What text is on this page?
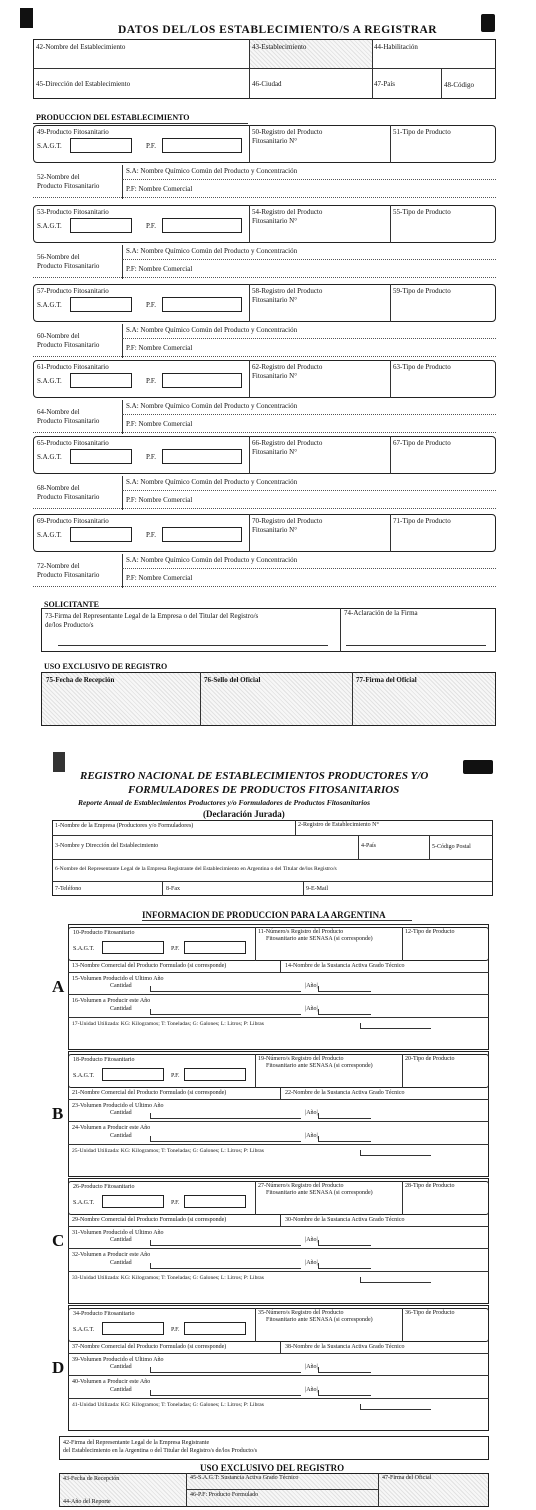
DATOS DEL/LOS ESTABLECIMIENTO/S A REGISTRAR
42-Nombre del Establecimiento	43-Establecimiento	44-Habilitación
45-Dirección del Establecimiento	46-Ciudad	47-País	48-Código
PRODUCCION DEL ESTABLECIMIENTO
49-Producto Fitosanitario
S.A.G.T.	P.F.
50-Registro del Producto
Fitosanitario N°
51-Tipo de Producto
52-Nombre del
Producto Fitosanitario
S.A: Nombre Químico Común del Producto y Concentración
P.F: Nombre Comercial
53-Producto Fitosanitario
S.A.G.T.	P.F.
54-Registro del Producto
Fitosanitario N°
55-Tipo de Producto
56-Nombre del
Producto Fitosanitario
S.A: Nombre Químico Común del Producto y Concentración
P.F: Nombre Comercial
57-Producto Fitosanitario
S.A.G.T.	P.F.
58-Registro del Producto
Fitosanitario N°
59-Tipo de Producto
60-Nombre del
Producto Fitosanitario
S.A: Nombre Químico Común del Producto y Concentración
P.F: Nombre Comercial
61-Producto Fitosanitario
S.A.G.T.	P.F.
62-Registro del Producto
Fitosanitario N°
63-Tipo de Producto
64-Nombre del
Producto Fitosanitario
S.A: Nombre Químico Común del Producto y Concentración
P.F: Nombre Comercial
65-Producto Fitosanitario
S.A.G.T.	P.F.
66-Registro del Producto
Fitosanitario N°
67-Tipo de Producto
68-Nombre del
Producto Fitosanitario
S.A: Nombre Químico Común del Producto y Concentración
P.F: Nombre Comercial
69-Producto Fitosanitario
S.A.G.T.	P.F.
70-Registro del Producto
Fitosanitario N°
71-Tipo de Producto
72-Nombre del
Producto Fitosanitario
S.A: Nombre Químico Común del Producto y Concentración
P.F: Nombre Comercial
SOLICITANTE
73-Firma del Representante Legal de la Empresa o del Titular del Registro/s
de/los Producto/s
74-Aclaración de la Firma
USO EXCLUSIVO DE REGISTRO
75-Fecha de Recepción	76-Sello del Oficial	77-Firma del Oficial
REGISTRO NACIONAL DE ESTABLECIMIENTOS PRODUCTORES Y/O
FORMULADORES DE PRODUCTOS FITOSANITARIOS
Reporte Anual de Establecimientos Productores y/o Formuladores de Productos Fitosanitarios
(Declaración Jurada)
1-Nombre de la Empresa (Productores y/o Formuladores)	2-Registro de Establecimiento N°
3-Nombre y Dirección del Establecimiento	4-País	5-Código Postal
6-Nombre del Representante Legal de la Empresa Registrante del Establecimiento en Argentina o del Titular de/los Registro/s
7-Teléfono	8-Fax	9-E-Mail
INFORMACION DE PRODUCCION PARA LA ARGENTINA
A
10-Producto Fitosanitario
S.A.G.T.	P.F.
11-Número/s Registro del Producto
Fitosanitario ante SENASA (si corresponde)
12-Tipo de Producto
13-Nombre Comercial del Producto Formulado (si corresponde)	14-Nombre de la Sustancia Activa Grado Técnico
15-Volumen Producido el Ultimo Año
Cantidad	|Año|
16-Volumen a Producir este Año
Cantidad	|Año|
17-Unidad Utilizada: KG: Kilogramos; T: Toneladas; G: Galones; L: Litros; P: Libras
B
18-Producto Fitosanitario
S.A.G.T.	P.F.
19-Número/s Registro del Producto
Fitosanitario ante SENASA (si corresponde)
20-Tipo de Producto
21-Nombre Comercial del Producto Formulado (si corresponde)	22-Nombre de la Sustancia Activa Grado Técnico
23-Volumen Producido el Ultimo Año
Cantidad	|Año|
24-Volumen a Producir este Año
Cantidad	|Año|
25-Unidad Utilizada: KG: Kilogramos; T: Toneladas; G: Galones; L: Litros; P: Libras
C
26-Producto Fitosanitario
S.A.G.T.	P.F.
27-Número/s Registro del Producto
Fitosanitario ante SENASA (si corresponde)
28-Tipo de Producto
29-Nombre Comercial del Producto Formulado (si corresponde)	30-Nombre de la Sustancia Activa Grado Técnico
31-Volumen Producido el Ultimo Año
Cantidad	|Año|
32-Volumen a Producir este Año
Cantidad	|Año|
33-Unidad Utilizada: KG: Kilogramos; T: Toneladas; G: Galones; L: Litros; P: Libras
D
34-Producto Fitosanitario
S.A.G.T.	P.F.
35-Número/s Registro del Producto
Fitosanitario ante SENASA (si corresponde)
36-Tipo de Producto
37-Nombre Comercial del Producto Formulado (si corresponde)	38-Nombre de la Sustancia Activa Grado Técnico
39-Volumen Producido el Ultimo Año
Cantidad	|Año|
40-Volumen a Producir este Año
Cantidad	|Año|
41-Unidad Utilizada: KG: Kilogramos; T: Toneladas; G: Galones; L: Litros; P: Libras
42-Firma del Representante Legal de la Empresa Registrante
del Establecimiento en la Argentina o del Titular del Registro/s de/los Producto/s
USO EXCLUSIVO DEL REGISTRO
43-Fecha de Recepción
44-Año del Reporte
45-S.A.G.T: Sustancia Activa Grado Técnico
46-P.F: Producto Formulado
47-Firma del Oficial
